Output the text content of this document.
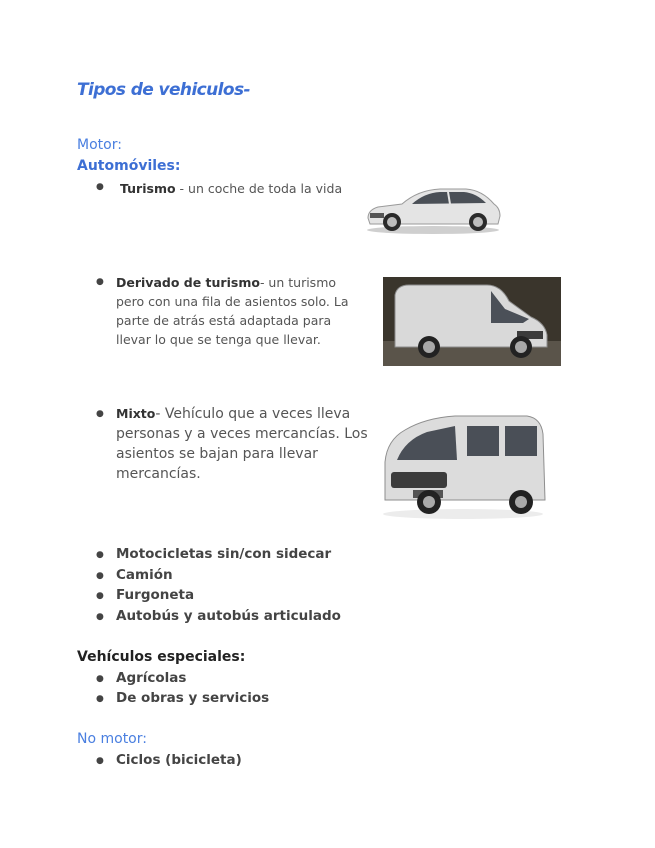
Tipos de vehiculos-
Motor:
Automóviles:
● Turismo - un coche de toda la vida
● Derivado de turismo- un turismo pero con una fila de asientos solo. La parte de atrás está adaptada para llevar lo que se tenga que llevar.
● Mixto- Vehículo que a veces lleva personas y a veces mercancías. Los asientos se bajan para llevar mercancías.
● Motocicletas sin/con sidecar
● Camión
● Furgoneta
● Autobús y autobús articulado
Vehículos especiales:
● Agrícolas
● De obras y servicios
No motor:
● Ciclos (bicicleta)
